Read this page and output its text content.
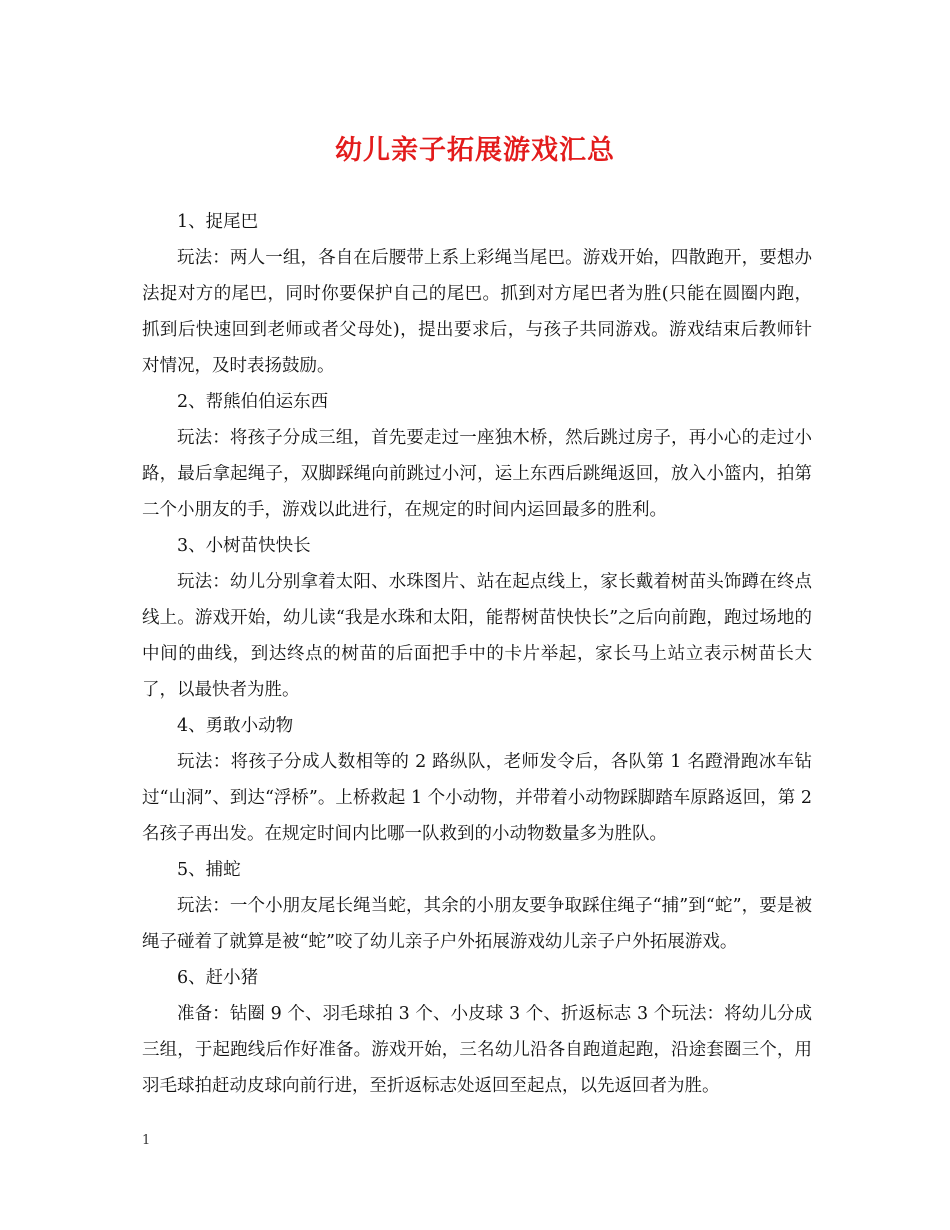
幼儿亲子拓展游戏汇总

1、捉尾巴

玩法：两人一组，各自在后腰带上系上彩绳当尾巴。游戏开始，四散跑开，要想办法捉对方的尾巴，同时你要保护自己的尾巴。抓到对方尾巴者为胜(只能在圆圈内跑，抓到后快速回到老师或者父母处)，提出要求后，与孩子共同游戏。游戏结束后教师针对情况，及时表扬鼓励。

2、帮熊伯伯运东西

玩法：将孩子分成三组，首先要走过一座独木桥，然后跳过房子，再小心的走过小路，最后拿起绳子，双脚踩绳向前跳过小河，运上东西后跳绳返回，放入小篮内，拍第二个小朋友的手，游戏以此进行，在规定的时间内运回最多的胜利。

3、小树苗快快长

玩法：幼儿分别拿着太阳、水珠图片、站在起点线上，家长戴着树苗头饰蹲在终点线上。游戏开始，幼儿读“我是水珠和太阳，能帮树苗快快长”之后向前跑，跑过场地的中间的曲线，到达终点的树苗的后面把手中的卡片举起，家长马上站立表示树苗长大了，以最快者为胜。

4、勇敢小动物

玩法：将孩子分成人数相等的 2 路纵队，老师发令后，各队第 1 名蹬滑跑冰车钻过“山洞”、到达“浮桥”。上桥救起 1 个小动物，并带着小动物踩脚踏车原路返回，第 2 名孩子再出发。在规定时间内比哪一队救到的小动物数量多为胜队。

5、捕蛇

玩法：一个小朋友尾长绳当蛇，其余的小朋友要争取踩住绳子“捕”到“蛇”，要是被绳子碰着了就算是被“蛇”咬了幼儿亲子户外拓展游戏幼儿亲子户外拓展游戏。

6、赶小猪

准备：钻圈 9 个、羽毛球拍 3 个、小皮球 3 个、折返标志 3 个玩法：将幼儿分成三组，于起跑线后作好准备。游戏开始，三名幼儿沿各自跑道起跑，沿途套圈三个，用羽毛球拍赶动皮球向前行进，至折返标志处返回至起点，以先返回者为胜。

1
